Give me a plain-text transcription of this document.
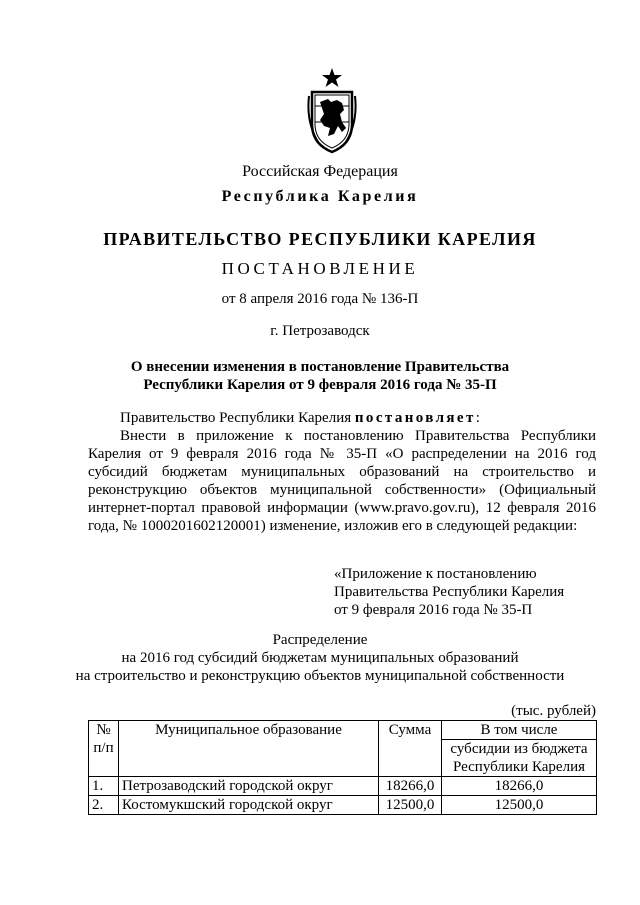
Российская Федерация
Республика Карелия
ПРАВИТЕЛЬСТВО РЕСПУБЛИКИ КАРЕЛИЯ
ПОСТАНОВЛЕНИЕ
от 8 апреля 2016 года № 136-П
г. Петрозаводск
О внесении изменения в постановление Правительства
Республики Карелия от 9 февраля 2016 года № 35-П
Правительство Республики Карелия постановляет:
Внести в приложение к постановлению Правительства Республики Карелия от 9 февраля 2016 года № 35-П «О распределении на 2016 год субсидий бюджетам муниципальных образований на строительство и реконструкцию объектов муниципальной собственности» (Официальный интернет-портал правовой информации (www.pravo.gov.ru), 12 февраля 2016 года, № 1000201602120001) изменение, изложив его в следующей редакции:
«Приложение к постановлению
Правительства Республики Карелия
от 9 февраля 2016 года № 35-П
Распределение
на 2016 год субсидий бюджетам муниципальных образований
на строительство и реконструкцию объектов муниципальной собственности
(тыс. рублей)
№ п/п	Муниципальное образование	Сумма	В том числе
			субсидии из бюджета Республики Карелия
1.	Петрозаводский городской округ	18266,0	18266,0
2.	Костомукшский городской округ	12500,0	12500,0
